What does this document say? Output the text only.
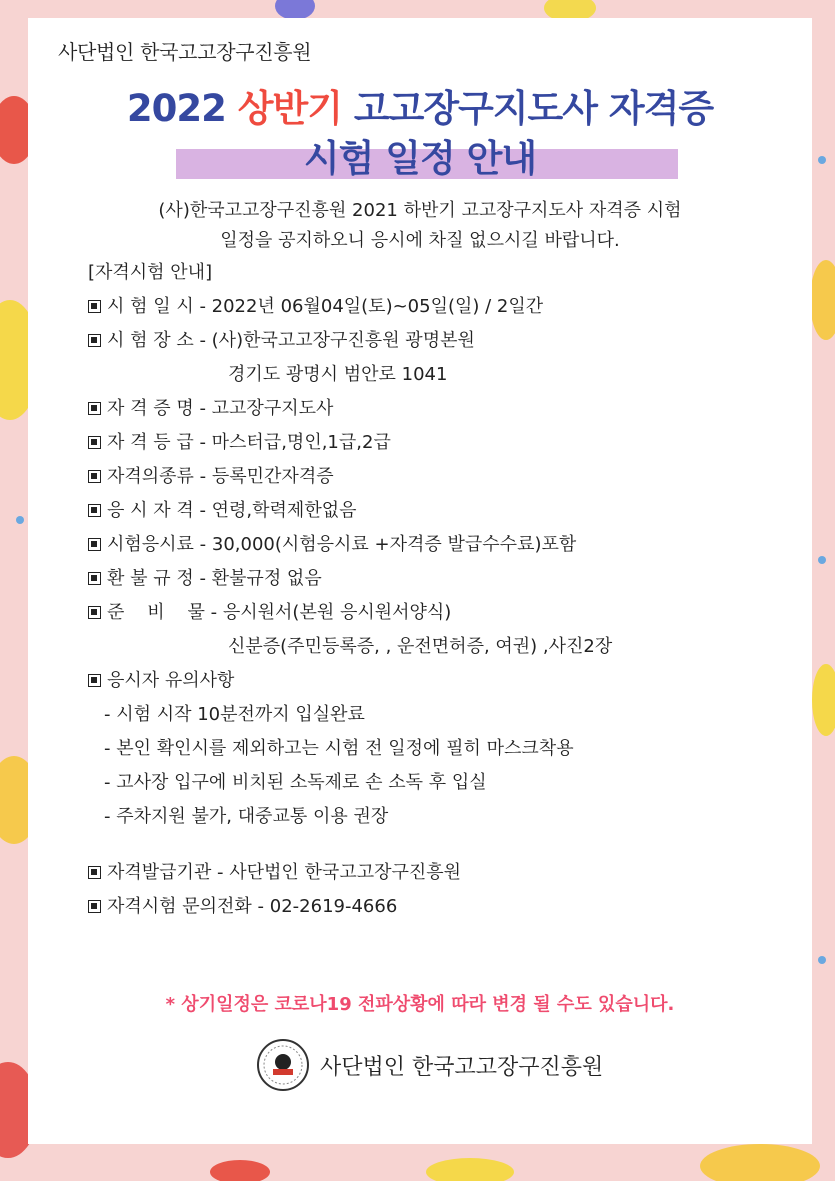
사단법인 한국고고장구진흥원
2022 상반기 고고장구지도사 자격증
시험 일정 안내
(사)한국고고장구진흥원 2021 하반기 고고장구지도사 자격증 시험
일정을 공지하오니 응시에 차질 없으시길 바랍니다.
[자격시험 안내]
시 험 일 시 - 2022년 06월04일(토)~05일(일) / 2일간
시 험 장 소 - (사)한국고고장구진흥원 광명본원
경기도 광명시 범안로 1041
자 격 증 명 - 고고장구지도사
자 격 등 급 - 마스터급,명인,1급,2급
자격의종류 - 등록민간자격증
응 시 자 격 - 연령,학력제한없음
시험응시료 - 30,000(시험응시료 +자격증 발급수수료)포함
환 불 규 정 - 환불규정 없음
준    비    물 - 응시원서(본원 응시원서양식)
신분증(주민등록증, , 운전면허증, 여권) ,사진2장
응시자 유의사항
- 시험 시작 10분전까지 입실완료
- 본인 확인시를 제외하고는 시험 전 일정에 필히 마스크착용
- 고사장 입구에 비치된 소독제로 손 소독 후 입실
- 주차지원 불가, 대중교통 이용 권장
자격발급기관 - 사단법인 한국고고장구진흥원
자격시험 문의전화 - 02-2619-4666
* 상기일정은 코로나19 전파상황에 따라 변경 될 수도 있습니다.
사단법인 한국고고장구진흥원
